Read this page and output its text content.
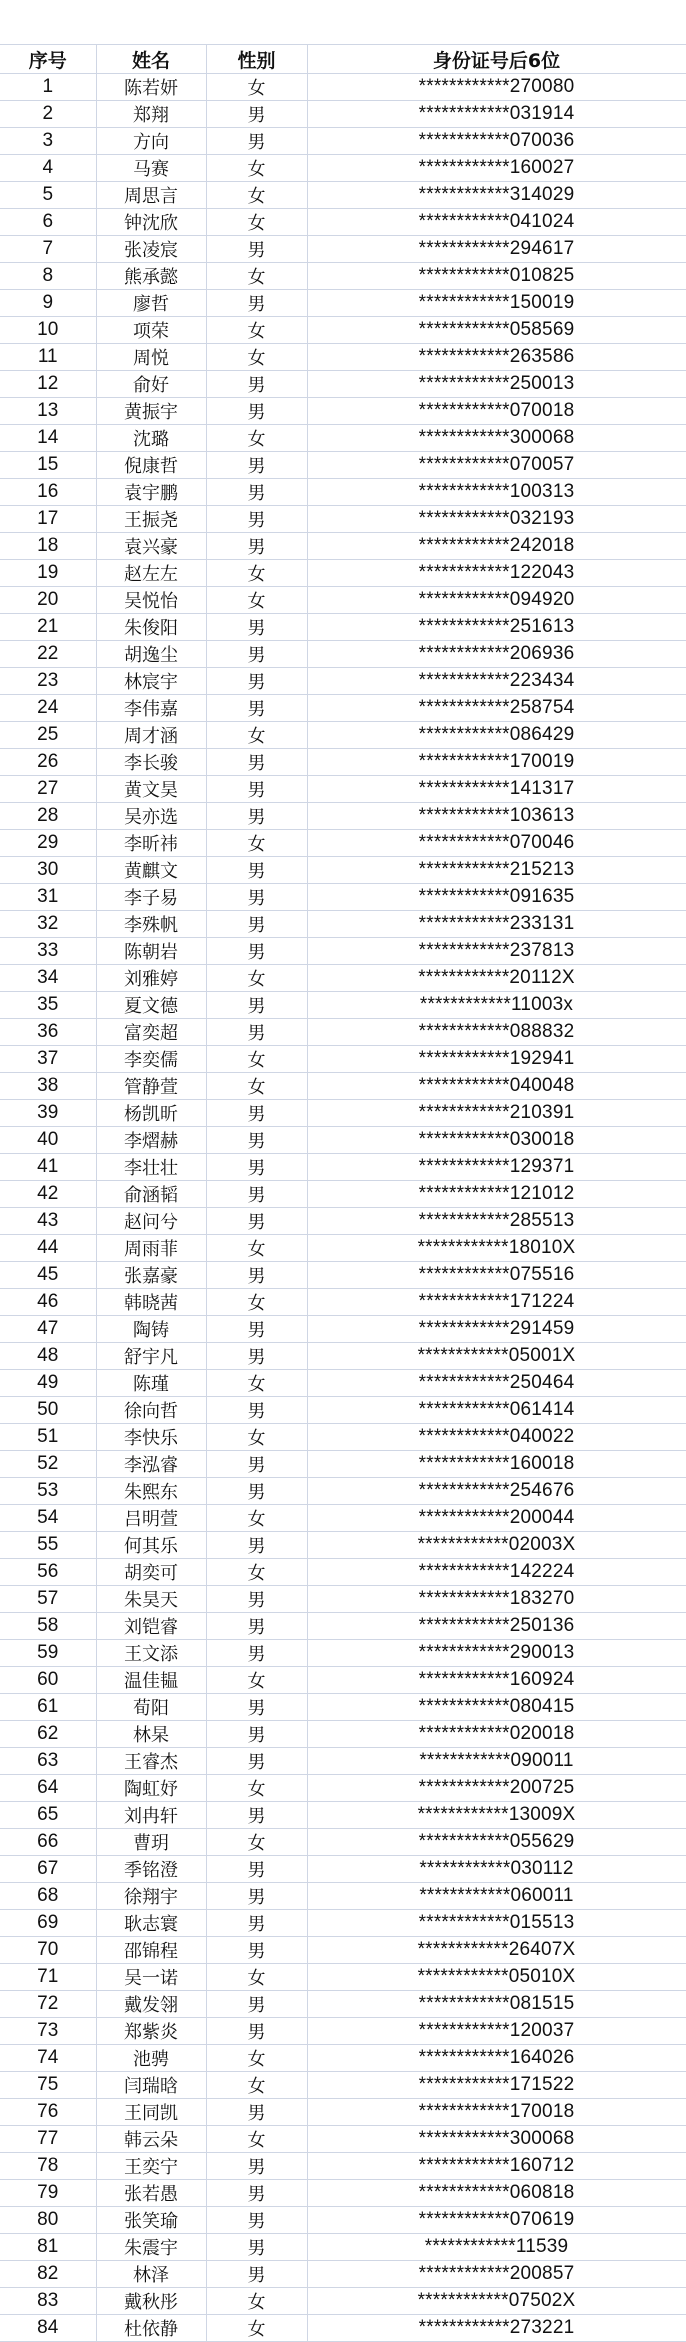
序号	姓名	性别	身份证号后6位
1	陈若妍	女	************270080
2	郑翔	男	************031914
3	方向	男	************070036
4	马赛	女	************160027
5	周思言	女	************314029
6	钟沈欣	女	************041024
7	张凌宸	男	************294617
8	熊承懿	女	************010825
9	廖哲	男	************150019
10	项荣	女	************058569
11	周悦	女	************263586
12	俞好	男	************250013
13	黄振宇	男	************070018
14	沈璐	女	************300068
15	倪康哲	男	************070057
16	袁宇鹏	男	************100313
17	王振尧	男	************032193
18	袁兴豪	男	************242018
19	赵左左	女	************122043
20	吴悦怡	女	************094920
21	朱俊阳	男	************251613
22	胡逸尘	男	************206936
23	林宸宇	男	************223434
24	李伟嘉	男	************258754
25	周才涵	女	************086429
26	李长骏	男	************170019
27	黄文昊	男	************141317
28	吴亦选	男	************103613
29	李昕祎	女	************070046
30	黄麒文	男	************215213
31	李子易	男	************091635
32	李殊帆	男	************233131
33	陈朝岩	男	************237813
34	刘雅婷	女	************20112X
35	夏文德	男	************11003x
36	富奕超	男	************088832
37	李奕儒	女	************192941
38	管静萱	女	************040048
39	杨凯昕	男	************210391
40	李熠赫	男	************030018
41	李壮壮	男	************129371
42	俞涵韬	男	************121012
43	赵问兮	男	************285513
44	周雨菲	女	************18010X
45	张嘉豪	男	************075516
46	韩晓茜	女	************171224
47	陶铸	男	************291459
48	舒宇凡	男	************05001X
49	陈瑾	女	************250464
50	徐向哲	男	************061414
51	李快乐	女	************040022
52	李泓睿	男	************160018
53	朱熙东	男	************254676
54	吕明萱	女	************200044
55	何其乐	男	************02003X
56	胡奕可	女	************142224
57	朱昊天	男	************183270
58	刘铠睿	男	************250136
59	王文添	男	************290013
60	温佳韫	女	************160924
61	荀阳	男	************080415
62	林杲	男	************020018
63	王睿杰	男	************090011
64	陶虹妤	女	************200725
65	刘冉轩	男	************13009X
66	曹玥	女	************055629
67	季铭澄	男	************030112
68	徐翔宇	男	************060011
69	耿志寰	男	************015513
70	邵锦程	男	************26407X
71	吴一诺	女	************05010X
72	戴发翎	男	************081515
73	郑紫炎	男	************120037
74	池骋	女	************164026
75	闫瑞晗	女	************171522
76	王同凯	男	************170018
77	韩云朵	女	************300068
78	王奕宁	男	************160712
79	张若愚	男	************060818
80	张笑瑜	男	************070619
81	朱震宇	男	************11539
82	林泽	男	************200857
83	戴秋彤	女	************07502X
84	杜依静	女	************273221
